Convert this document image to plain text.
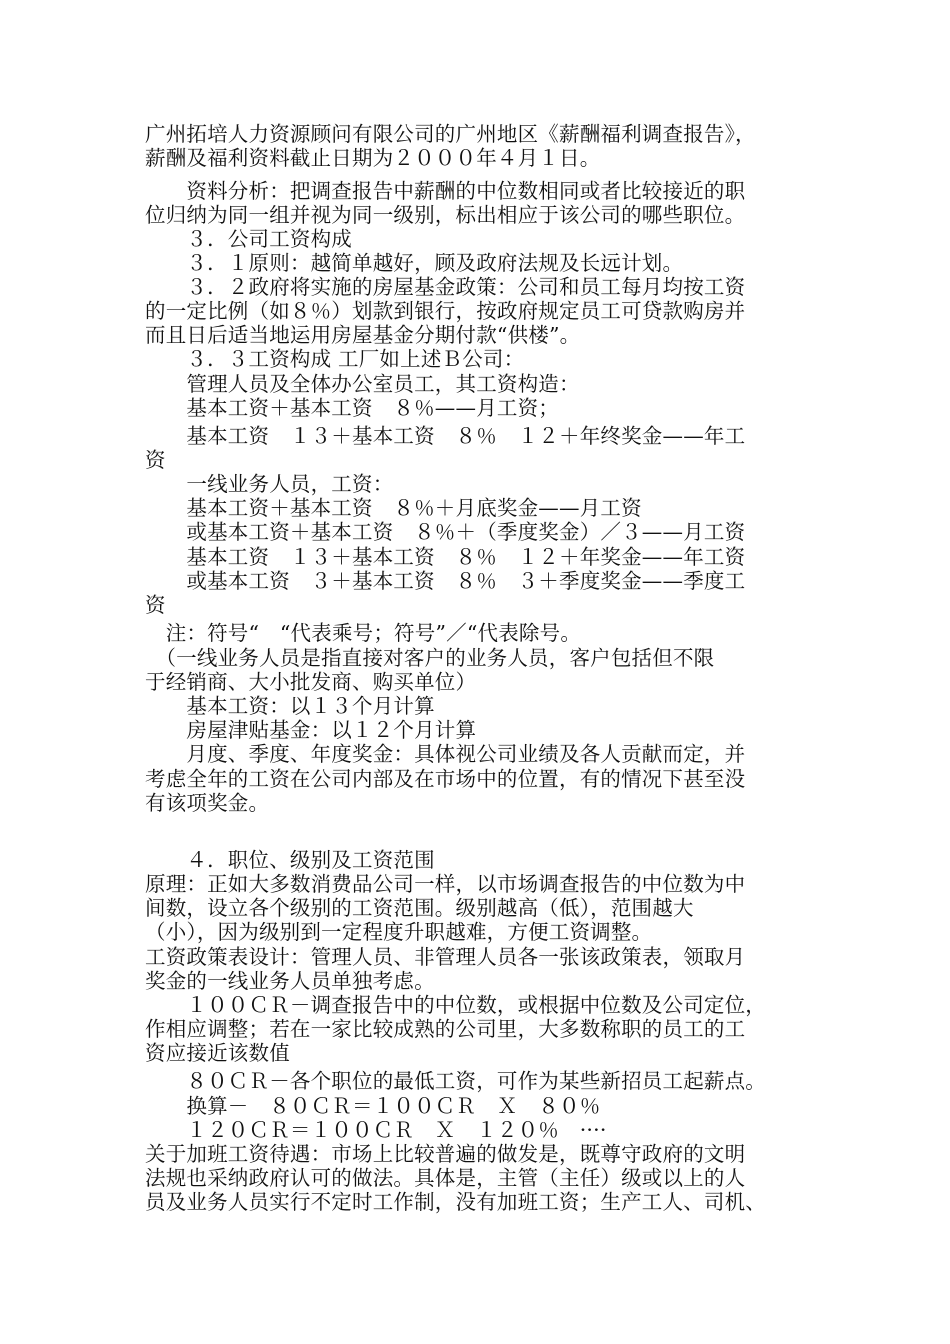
广州拓培人力资源顾问有限公司的广州地区《薪酬福利调查报告》，
薪酬及福利资料截止日期为２０００年４月１日。
　　资料分析：把调查报告中薪酬的中位数相同或者比较接近的职
位归纳为同一组并视为同一级别，标出相应于该公司的哪些职位。
　　３．公司工资构成
　　３．１原则：越简单越好，顾及政府法规及长远计划。
　　３．２政府将实施的房屋基金政策：公司和员工每月均按工资
的一定比例（如８％）划款到银行，按政府规定员工可贷款购房并
而且日后适当地运用房屋基金分期付款“供楼”。
　　３．３工资构成 工厂如上述Ｂ公司：
　　管理人员及全体办公室员工，其工资构造：
　　基本工资＋基本工资　８％——月工资；
　　基本工资　１３＋基本工资　８％　１２＋年终奖金——年工
资
　　一线业务人员，工资：
　　基本工资＋基本工资　８％＋月底奖金——月工资
　　或基本工资＋基本工资　８％＋（季度奖金）／３——月工资
　　基本工资　１３＋基本工资　８％　１２＋年奖金——年工资
　　或基本工资　３＋基本工资　８％　３＋季度奖金——季度工
资
　注：符号“　“代表乘号；符号”／“代表除号。
　（一线业务人员是指直接对客户的业务人员，客户包括但不限
于经销商、大小批发商、购买单位）
　　基本工资：以１３个月计算
　　房屋津贴基金：以１２个月计算
　　月度、季度、年度奖金：具体视公司业绩及各人贡献而定，并
考虑全年的工资在公司内部及在市场中的位置，有的情况下甚至没
有该项奖金。
　　４．职位、级别及工资范围
原理：正如大多数消费品公司一样，以市场调查报告的中位数为中
间数，设立各个级别的工资范围。级别越高（低），范围越大
（小），因为级别到一定程度升职越难，方便工资调整。
工资政策表设计：管理人员、非管理人员各一张该政策表，领取月
奖金的一线业务人员单独考虑。
　　１００ＣＲ－调查报告中的中位数，或根据中位数及公司定位，
作相应调整；若在一家比较成熟的公司里，大多数称职的员工的工
资应接近该数值
　　８０ＣＲ－各个职位的最低工资，可作为某些新招员工起薪点。
　　换算－　８０ＣＲ＝１００ＣＲ　Ｘ　８０％
　　１２０ＣＲ＝１００ＣＲ　Ｘ　１２０％　····
关于加班工资待遇：市场上比较普遍的做发是，既尊守政府的文明
法规也采纳政府认可的做法。具体是，主管（主任）级或以上的人
员及业务人员实行不定时工作制，没有加班工资；生产工人、司机、
